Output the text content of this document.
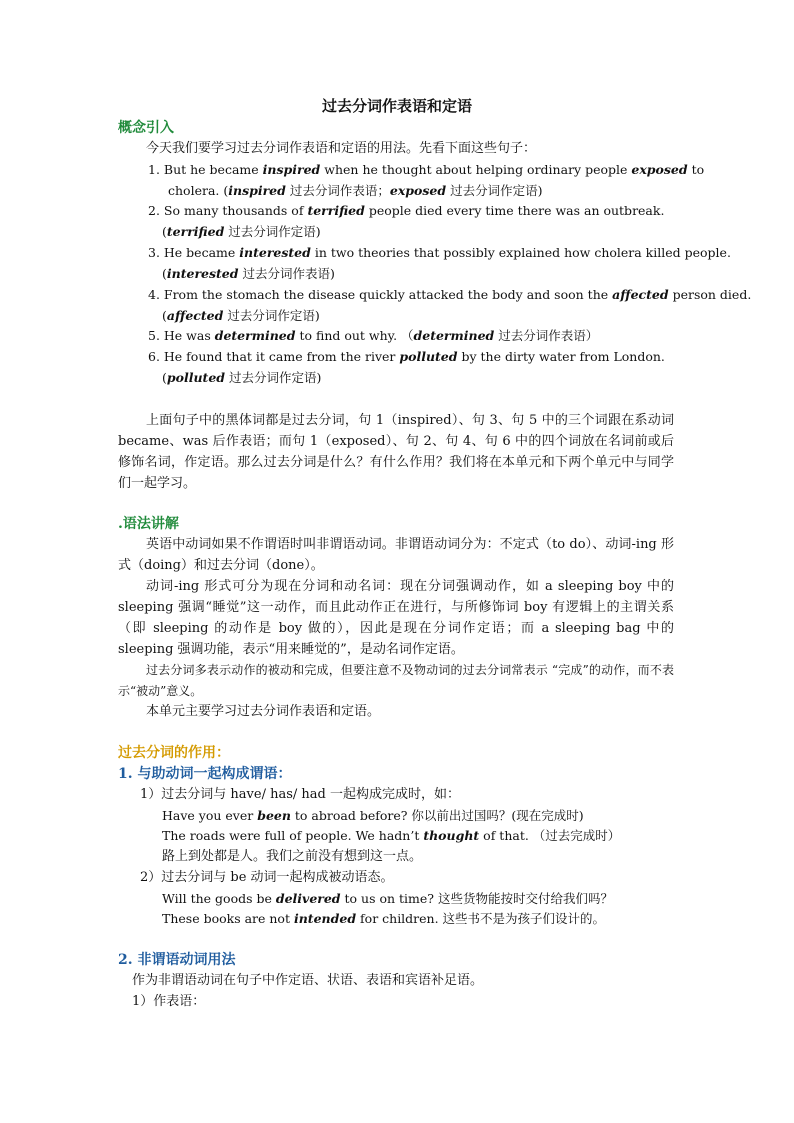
过去分词作表语和定语
概念引入
今天我们要学习过去分词作表语和定语的用法。先看下面这些句子：
1. But he became inspired when he thought about helping ordinary people exposed to
cholera. (inspired 过去分词作表语；exposed 过去分词作定语)
2. So many thousands of terrified people died every time there was an outbreak.
(terrified 过去分词作定语)
3. He became interested in two theories that possibly explained how cholera killed people.
(interested 过去分词作表语)
4. From the stomach the disease quickly attacked the body and soon the affected person died.
(affected 过去分词作定语)
5. He was determined to find out why. （determined 过去分词作表语）
6. He found that it came from the river polluted by the dirty water from London.
(polluted 过去分词作定语)
上面句子中的黑体词都是过去分词，句 1（inspired）、句 3、句 5 中的三个词跟在系动词 became、was 后作表语；而句 1（exposed）、句 2、句 4、句 6 中的四个词放在名词前或后修饰名词，作定语。那么过去分词是什么？有什么作用？我们将在本单元和下两个单元中与同学们一起学习。
.语法讲解
英语中动词如果不作谓语时叫非谓语动词。非谓语动词分为：不定式（to do）、动词-ing 形式（doing）和过去分词（done）。
动词-ing 形式可分为现在分词和动名词：现在分词强调动作，如 a sleeping boy 中的 sleeping 强调“睡觉”这一动作，而且此动作正在进行，与所修饰词 boy 有逻辑上的主谓关系（即 sleeping 的动作是 boy 做的），因此是现在分词作定语；而 a sleeping bag 中的 sleeping 强调功能，表示“用来睡觉的”，是动名词作定语。
过去分词多表示动作的被动和完成，但要注意不及物动词的过去分词常表示 “完成”的动作，而不表示“被动”意义。
本单元主要学习过去分词作表语和定语。
过去分词的作用：
1. 与助动词一起构成谓语：
1）过去分词与 have/ has/ had 一起构成完成时，如：
Have you ever been to abroad before? 你以前出过国吗？(现在完成时)
The roads were full of people. We hadn’t thought of that. （过去完成时）
路上到处都是人。我们之前没有想到这一点。
2）过去分词与 be 动词一起构成被动语态。
Will the goods be delivered to us on time? 这些货物能按时交付给我们吗？
These books are not intended for children. 这些书不是为孩子们设计的。
2. 非谓语动词用法
作为非谓语动词在句子中作定语、状语、表语和宾语补足语。
1）作表语：
